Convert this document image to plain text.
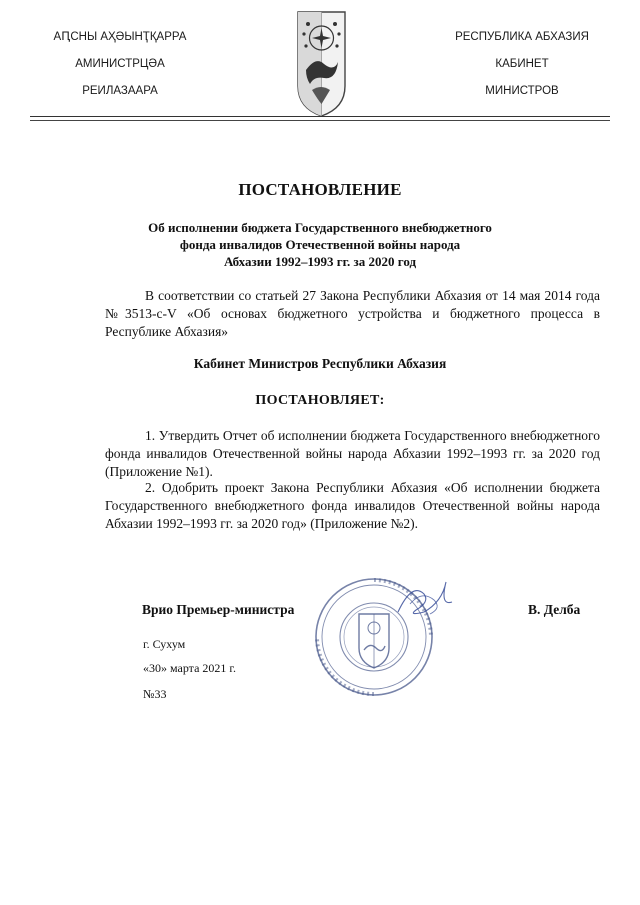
АԤСНЫ АҲӘЫНҬҚАРРА
АМИНИСТРЦӘА
РЕИЛАЗААРА
РЕСПУБЛИКА АБХАЗИЯ
КАБИНЕТ
МИНИСТРОВ
ПОСТАНОВЛЕНИЕ
Об исполнении бюджета Государственного внебюджетного
фонда инвалидов Отечественной войны народа
Абхазии 1992–1993 гг. за 2020 год
В соответствии со статьей 27 Закона Республики Абхазия от 14 мая 2014 года №3513-с-V «Об основах бюджетного устройства и бюджетного процесса в Республике Абхазия»
Кабинет Министров Республики Абхазия
ПОСТАНОВЛЯЕТ:
1. Утвердить Отчет об исполнении бюджета Государственного внебюджетного фонда инвалидов Отечественной войны народа Абхазии 1992–1993 гг. за 2020 год (Приложение №1).
2. Одобрить проект Закона Республики Абхазия «Об исполнении бюджета Государственного внебюджетного фонда инвалидов Отечественной войны народа Абхазии 1992–1993 гг. за 2020 год» (Приложение №2).
Врио Премьер-министра	В. Делба
г. Сухум
«30» марта 2021 г.
№33
